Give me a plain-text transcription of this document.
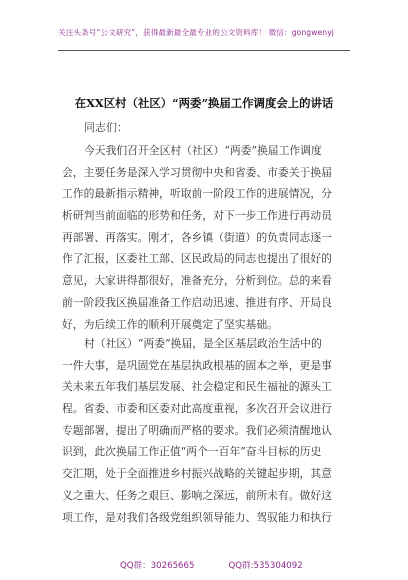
关注头条号“公文研究”，获得最新最全最专业的公文资料库！ 微信：gongwenyj
在XX区村（社区）“两委”换届工作调度会上的讲话
同志们：
今天我们召开全区村（社区）“两委”换届工作调度
会，主要任务是深入学习贯彻中央和省委、市委关于换届
工作的最新指示精神，听取前一阶段工作的进展情况，分
析研判当前面临的形势和任务，对下一步工作进行再动员
再部署、再落实。刚才，各乡镇（街道）的负责同志逐一
作了汇报，区委社工部、区民政局的同志也提出了很好的
意见，大家讲得都很好，准备充分，分析到位。总的来看
前一阶段我区换届准备工作启动迅速、推进有序、开局良
好，为后续工作的顺利开展奠定了坚实基础。
村（社区）“两委”换届，是全区基层政治生活中的
一件大事，是巩固党在基层执政根基的固本之举，更是事
关未来五年我们基层发展、社会稳定和民生福祉的源头工
程。省委、市委和区委对此高度重视，多次召开会议进行
专题部署，提出了明确而严格的要求。我们必须清醒地认
识到，此次换届工作正值“两个一百年”奋斗目标的历史
交汇期，处于全面推进乡村振兴战略的关键起步期，其意
义之重大、任务之艰巨、影响之深远，前所未有。做好这
项工作，是对我们各级党组织领导能力、驾驭能力和执行
QQ群：30265665	QQ群:535304092
